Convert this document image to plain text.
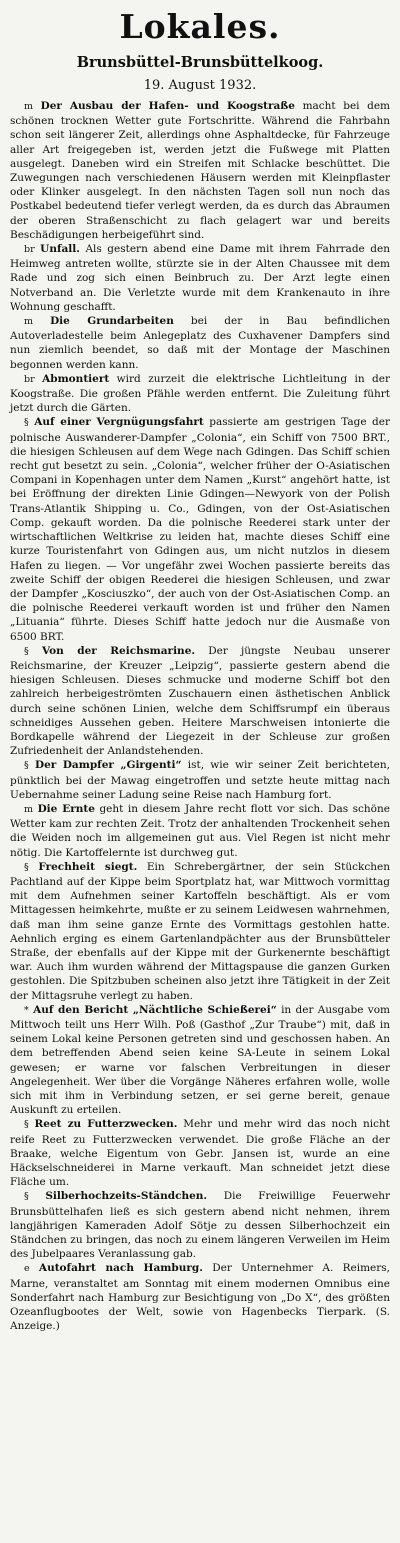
Lokales.
Brunsbüttel-Brunsbüttelkoog.
19. August 1932.

m Der Ausbau der Hafen- und Koogstraße macht bei dem schönen trocknen Wetter gute Fortschritte. Während die Fahrbahn schon seit längerer Zeit, allerdings ohne Asphaltdecke, für Fahrzeuge aller Art freigegeben ist, werden jetzt die Fußwege mit Platten ausgelegt. Daneben wird ein Streifen mit Schlacke beschüttet. Die Zuwegungen nach verschiedenen Häusern werden mit Kleinpflaster oder Klinker ausgelegt. In den nächsten Tagen soll nun noch das Postkabel bedeutend tiefer verlegt werden, da es durch das Abraumen der oberen Straßenschicht zu flach gelagert war und bereits Beschädigungen herbeigeführt sind.

br Unfall. Als gestern abend eine Dame mit ihrem Fahrrade den Heimweg antreten wollte, stürzte sie in der Alten Chaussee mit dem Rade und zog sich einen Beinbruch zu. Der Arzt legte einen Notverband an. Die Verletzte wurde mit dem Krankenauto in ihre Wohnung geschafft.

m Die Grundarbeiten bei der in Bau befindlichen Autoverladestelle beim Anlegeplatz des Cuxhavener Dampfers sind nun ziemlich beendet, so daß mit der Montage der Maschinen begonnen werden kann.

br Abmontiert wird zurzeit die elektrische Lichtleitung in der Koogstraße. Die großen Pfähle werden entfernt. Die Zuleitung führt jetzt durch die Gärten.

§ Auf einer Vergnügungsfahrt passierte am gestrigen Tage der polnische Auswanderer-Dampfer „Colonia“, ein Schiff von 7500 BRT., die hiesigen Schleusen auf dem Wege nach Gdingen. Das Schiff schien recht gut besetzt zu sein. „Colonia“, welcher früher der O-Asiatischen Compani in Kopenhagen unter dem Namen „Kurst“ angehört hatte, ist bei Eröffnung der direkten Linie Gdingen—Newyork von der Polish Trans-Atlantik Shipping u. Co., Gdingen, von der Ost-Asiatischen Comp. gekauft worden. Da die polnische Reederei stark unter der wirtschaftlichen Weltkrise zu leiden hat, machte dieses Schiff eine kurze Touristenfahrt von Gdingen aus, um nicht nutzlos in diesem Hafen zu liegen. — Vor ungefähr zwei Wochen passierte bereits das zweite Schiff der obigen Reederei die hiesigen Schleusen, und zwar der Dampfer „Kosciuszko“, der auch von der Ost-Asiatischen Comp. an die polnische Reederei verkauft worden ist und früher den Namen „Lituania“ führte. Dieses Schiff hatte jedoch nur die Ausmaße von 6500 BRT.

§ Von der Reichsmarine. Der jüngste Neubau unserer Reichsmarine, der Kreuzer „Leipzig“, passierte gestern abend die hiesigen Schleusen. Dieses schmucke und moderne Schiff bot den zahlreich herbeigeströmten Zuschauern einen ästhetischen Anblick durch seine schönen Linien, welche dem Schiffsrumpf ein überaus schneidiges Aussehen geben. Heitere Marschweisen intonierte die Bordkapelle während der Liegezeit in der Schleuse zur großen Zufriedenheit der Anlandstehenden.

§ Der Dampfer „Girgenti“ ist, wie wir seiner Zeit berichteten, pünktlich bei der Mawag eingetroffen und setzte heute mittag nach Uebernahme seiner Ladung seine Reise nach Hamburg fort.

m Die Ernte geht in diesem Jahre recht flott vor sich. Das schöne Wetter kam zur rechten Zeit. Trotz der anhaltenden Trockenheit sehen die Weiden noch im allgemeinen gut aus. Viel Regen ist nicht mehr nötig. Die Kartoffelernte ist durchweg gut.

§ Frechheit siegt. Ein Schrebergärtner, der sein Stückchen Pachtland auf der Kippe beim Sportplatz hat, war Mittwoch vormittag mit dem Aufnehmen seiner Kartoffeln beschäftigt. Als er vom Mittagessen heimkehrte, mußte er zu seinem Leidwesen wahrnehmen, daß man ihm seine ganze Ernte des Vormittags gestohlen hatte. Aehnlich erging es einem Gartenlandpächter aus der Brunsbütteler Straße, der ebenfalls auf der Kippe mit der Gurkenernte beschäftigt war. Auch ihm wurden während der Mittagspause die ganzen Gurken gestohlen. Die Spitzbuben scheinen also jetzt ihre Tätigkeit in der Zeit der Mittagsruhe verlegt zu haben.

* Auf den Bericht „Nächtliche Schießerei“ in der Ausgabe vom Mittwoch teilt uns Herr Wilh. Poß (Gasthof „Zur Traube“) mit, daß in seinem Lokal keine Personen getreten sind und geschossen haben. An dem betreffenden Abend seien keine SA-Leute in seinem Lokal gewesen; er warne vor falschen Verbreitungen in dieser Angelegenheit. Wer über die Vorgänge Näheres erfahren wolle, wolle sich mit ihm in Verbindung setzen, er sei gerne bereit, genaue Auskunft zu erteilen.

§ Reet zu Futterzwecken. Mehr und mehr wird das noch nicht reife Reet zu Futterzwecken verwendet. Die große Fläche an der Braake, welche Eigentum von Gebr. Jansen ist, wurde an eine Häckselschneiderei in Marne verkauft. Man schneidet jetzt diese Fläche um.

§ Silberhochzeits-Ständchen. Die Freiwillige Feuerwehr Brunsbüttelhafen ließ es sich gestern abend nicht nehmen, ihrem langjährigen Kameraden Adolf Sötje zu dessen Silberhochzeit ein Ständchen zu bringen, das noch zu einem längeren Verweilen im Heim des Jubelpaares Veranlassung gab.

e Autofahrt nach Hamburg. Der Unternehmer A. Reimers, Marne, veranstaltet am Sonntag mit einem modernen Omnibus eine Sonderfahrt nach Hamburg zur Besichtigung von „Do X“, des größten Ozeanflugbootes der Welt, sowie von Hagenbecks Tierpark. (S. Anzeige.)
